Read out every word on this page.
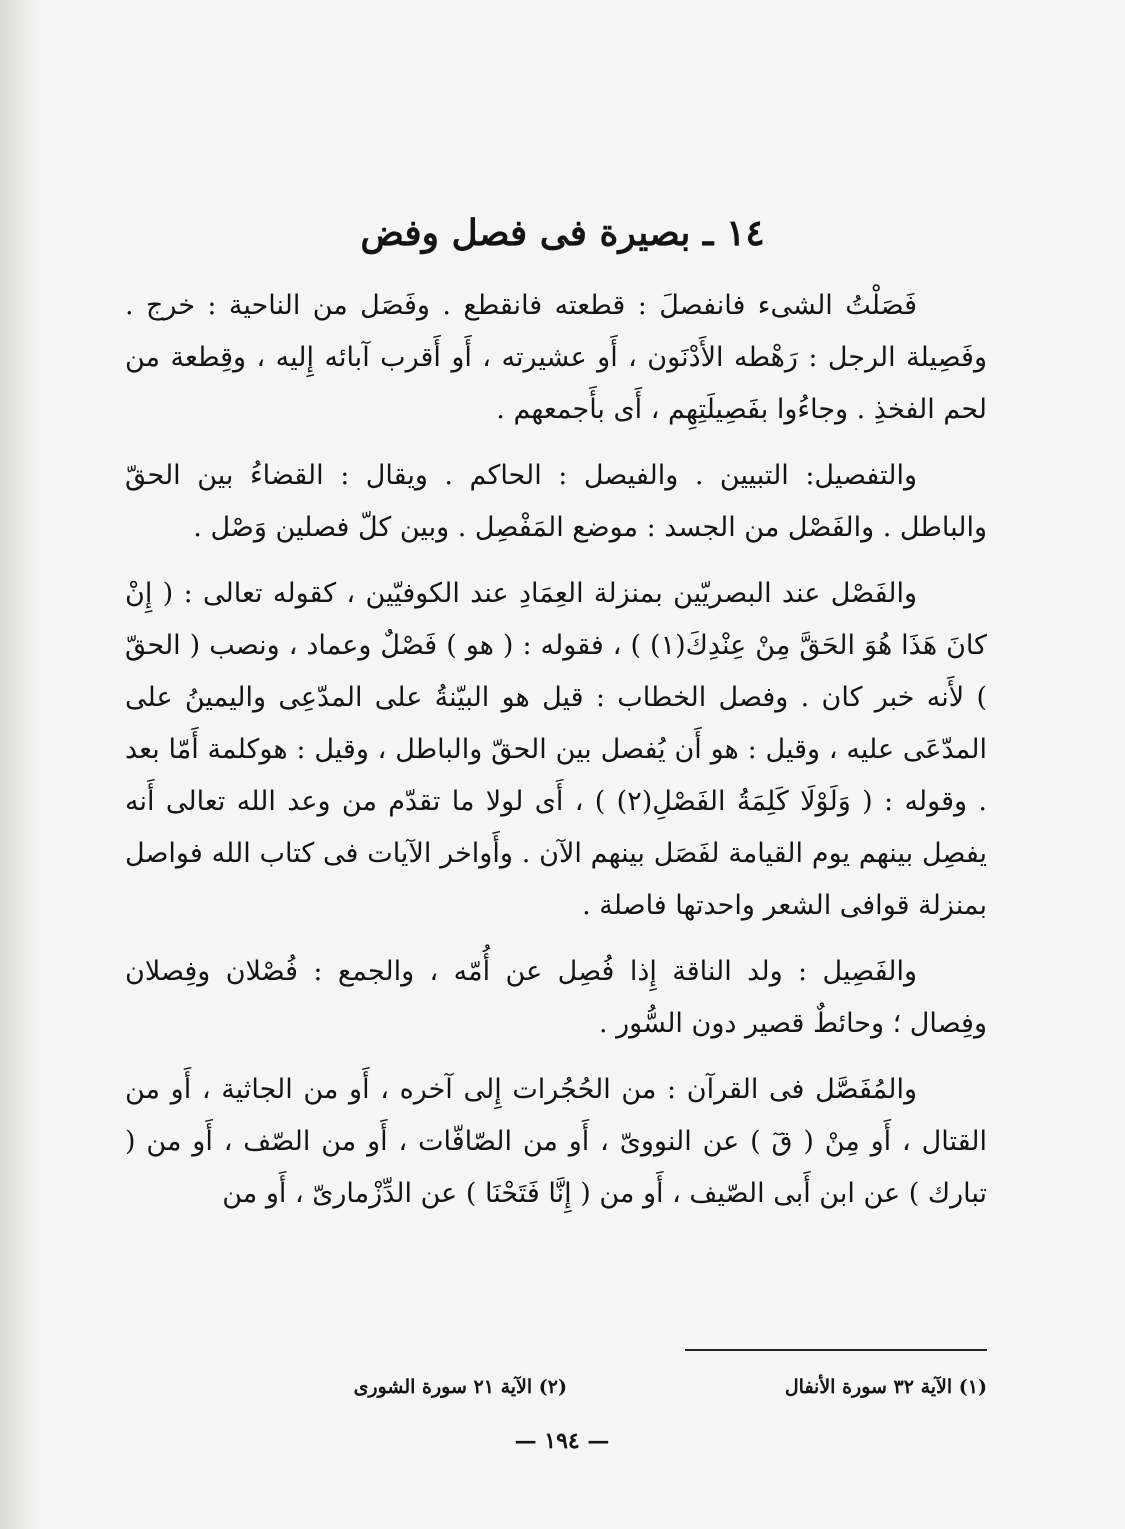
١٤ ـ بصيرة فى فصل وفض

فَصَلْتُ الشىء فانفصلَ : قطعته فانقطع . وفَصَل من الناحية : خرج . وفَصِيلة الرجل : رَهْطه الأَدْنَون ، أَو عشيرته ، أَو أَقرب آبائه إِليه ، وقِطعة من لحم الفخذِ . وجاءُوا بفَصِيلَتِهِم ، أَى بأَجمعهم .

والتفصيل: التبيين . والفيصل : الحاكم . ويقال : القضاءُ بين الحقّ والباطل . والفَصْل من الجسد : موضع المَفْصِل . وبين كلّ فصلين وَصْل .

والفَصْل عند البصريّين بمنزلة العِمَادِ عند الكوفيّين ، كقوله تعالى : ( إِنْ كانَ هَذَا هُوَ الحَقَّ مِنْ عِنْدِكَ(١) ) ، فقوله : ( هو ) فَصْلٌ وعماد ، ونصب ( الحقّ ) لأَنه خبر كان . وفصل الخطاب : قيل هو البيّنةُ على المدّعِى واليمينُ على المدّعَى عليه ، وقيل : هو أَن يُفصل بين الحقّ والباطل ، وقيل : هوكلمة أَمّا بعد . وقوله : ( وَلَوْلَا كَلِمَةُ الفَصْلِ(٢) ) ، أَى لولا ما تقدّم من وعد الله تعالى أَنه يفصِل بينهم يوم القيامة لفَصَل بينهم الآن . وأَواخر الآيات فى كتاب الله فواصل بمنزلة قوافى الشعر واحدتها فاصلة .

والفَصِيل : ولد الناقة إِذا فُصِل عن أُمّه ، والجمع : فُصْلان وفِصلان وفِصال ؛ وحائطٌ قصير دون السُّور .

والمُفَصَّل فى القرآن : من الحُجُرات إِلى آخره ، أَو من الجاثية ، أَو من القتال ، أَو مِنْ ( قٓ ) عن النووىّ ، أَو من الصّافّات ، أَو من الصّف ، أَو من ( تبارك ) عن ابن أَبى الصّيف ، أَو من ( إِنَّا فَتَحْنَا ) عن الدِّزْمارىّ ، أَو من

(١) الآية ٣٢ سورة الأنفال(٢) الآية ٢١ سورة الشورى
— ١٩٤ —
